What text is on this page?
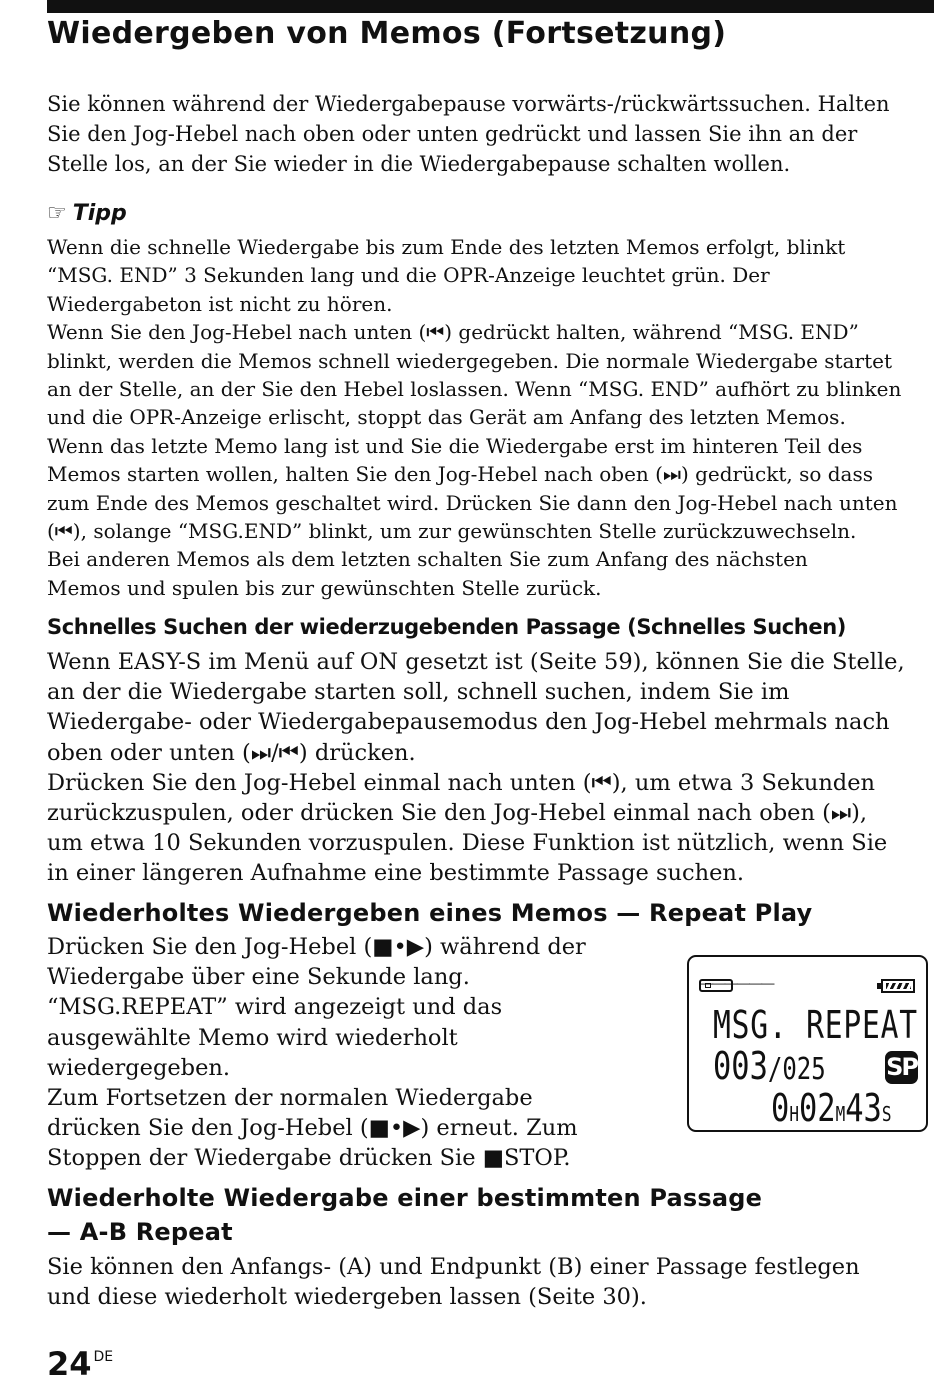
Wiedergeben von Memos (Fortsetzung)

Sie können während der Wiedergabepause vorwärts-/rückwärtssuchen. Halten

Sie den Jog-Hebel nach oben oder unten gedrückt und lassen Sie ihn an der

Stelle los, an der Sie wieder in die Wiedergabepause schalten wollen.

☞ Tipp

Wenn die schnelle Wiedergabe bis zum Ende des letzten Memos erfolgt, blinkt

“MSG. END” 3 Sekunden lang und die OPR-Anzeige leuchtet grün. Der

Wiedergabeton ist nicht zu hören.

Wenn Sie den Jog-Hebel nach unten (⏮) gedrückt halten, während “MSG. END”

blinkt, werden die Memos schnell wiedergegeben. Die normale Wiedergabe startet

an der Stelle, an der Sie den Hebel loslassen. Wenn “MSG. END” aufhört zu blinken

und die OPR-Anzeige erlischt, stoppt das Gerät am Anfang des letzten Memos.

Wenn das letzte Memo lang ist und Sie die Wiedergabe erst im hinteren Teil des

Memos starten wollen, halten Sie den Jog-Hebel nach oben (⏭) gedrückt, so dass

zum Ende des Memos geschaltet wird. Drücken Sie dann den Jog-Hebel nach unten

(⏮), solange “MSG.END” blinkt, um zur gewünschten Stelle zurückzuwechseln.

Bei anderen Memos als dem letzten schalten Sie zum Anfang des nächsten

Memos und spulen bis zur gewünschten Stelle zurück.

Schnelles Suchen der wiederzugebenden Passage (Schnelles Suchen)

Wenn EASY-S im Menü auf ON gesetzt ist (Seite 59), können Sie die Stelle,

an der die Wiedergabe starten soll, schnell suchen, indem Sie im

Wiedergabe- oder Wiedergabepausemodus den Jog-Hebel mehrmals nach

oben oder unten (⏭/⏮) drücken.

Drücken Sie den Jog-Hebel einmal nach unten (⏮), um etwa 3 Sekunden

zurückzuspulen, oder drücken Sie den Jog-Hebel einmal nach oben (⏭),

um etwa 10 Sekunden vorzuspulen. Diese Funktion ist nützlich, wenn Sie

in einer längeren Aufnahme eine bestimmte Passage suchen.

Wiederholtes Wiedergeben eines Memos — Repeat Play

Drücken Sie den Jog-Hebel (■•▶) während der

Wiedergabe über eine Sekunde lang.

“MSG.REPEAT” wird angezeigt und das

ausgewählte Memo wird wiederholt

wiedergegeben.

Zum Fortsetzen der normalen Wiedergabe

drücken Sie den Jog-Hebel (■•▶) erneut. Zum

Stoppen der Wiedergabe drücken Sie ■STOP.

______
MSG. REPEAT
003/025	SP
0H02M43S
Wiederholte Wiedergabe einer bestimmten Passage
— A-B Repeat

Sie können den Anfangs- (A) und Endpunkt (B) einer Passage festlegen

und diese wiederholt wiedergeben lassen (Seite 30).

24 $^{DE}$
